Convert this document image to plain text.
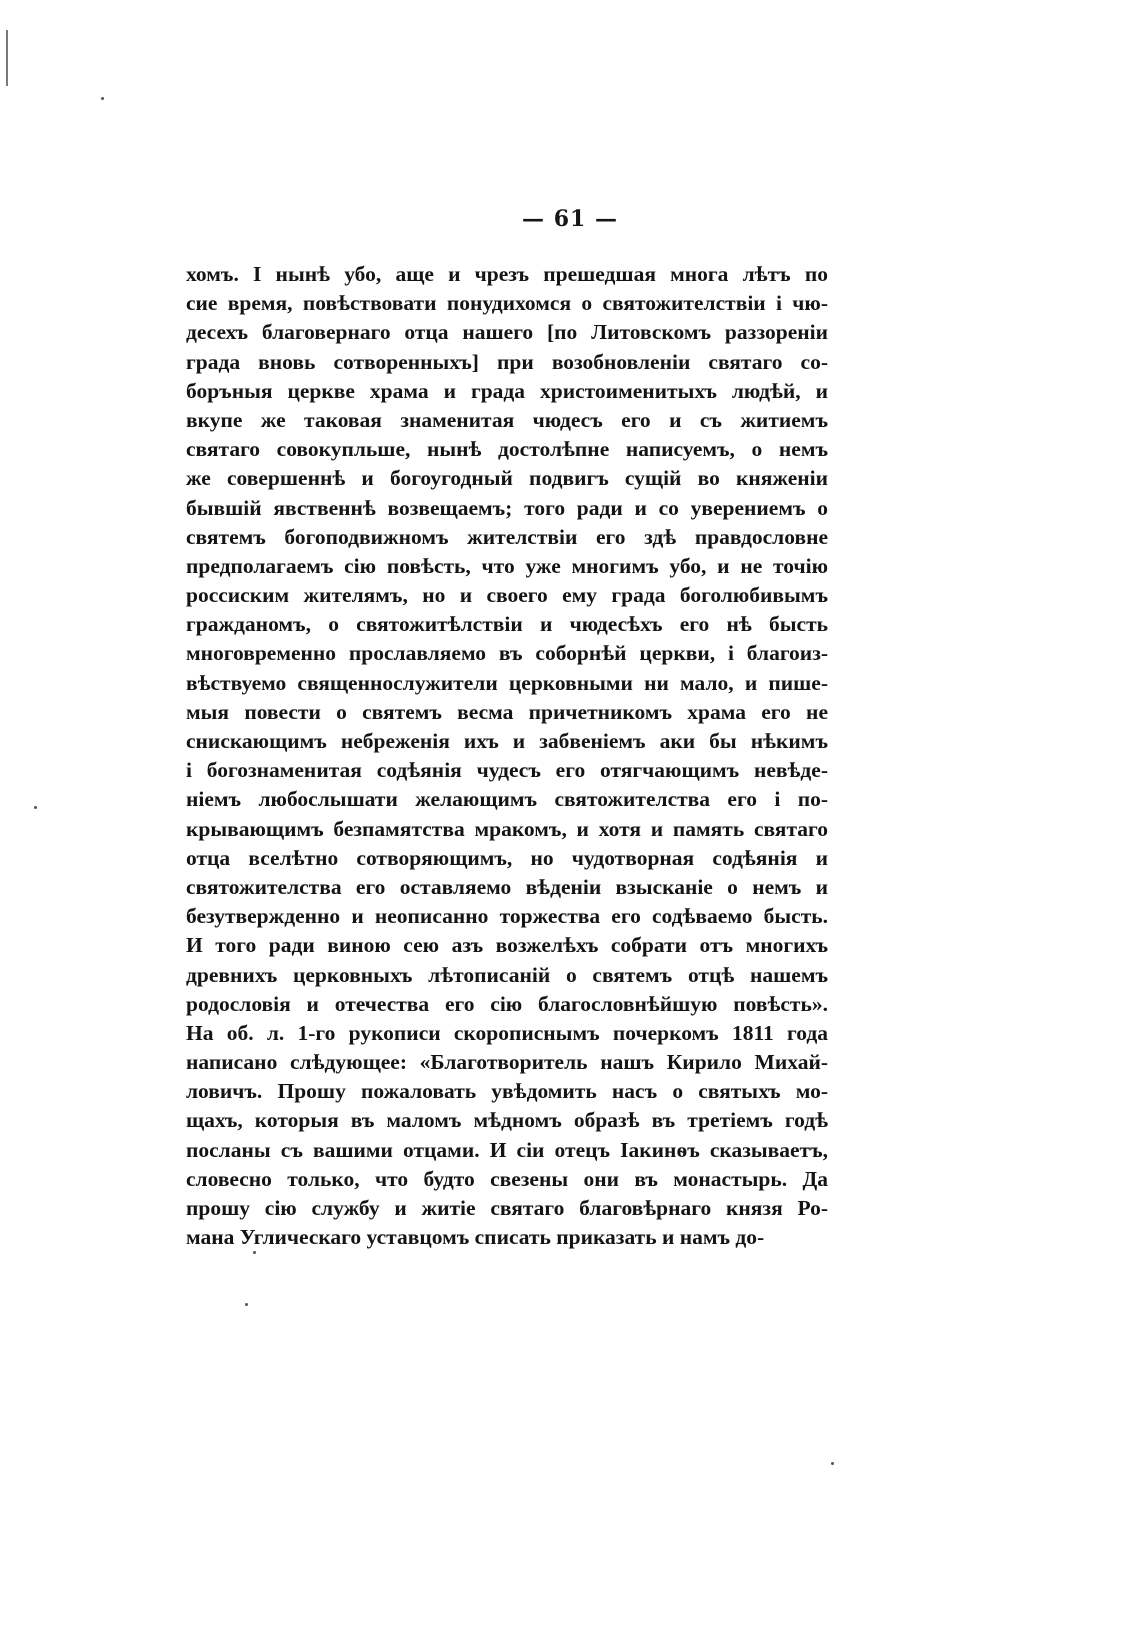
— 61 —
хомъ. I нынѣ убо, аще и чрезъ прешедшая многа лѣтъ по
сие время, повѣствовати понудихомся о святожителствiи i чю-
десехъ благовернаго отца нашего [по Литовскомъ раззоренiи
града вновь сотворенныхъ] при возобновленiи святаго со-
боръныя церкве храма и града христоименитыхъ людѣй, и
вкупе же таковая знаменитая чюдесъ его и съ житиемъ
святаго совокупльше, нынѣ достолѣпне написуемъ, о немъ
же совершеннѣ и богоугодный подвигъ сущiй во княженiи
бывшiй явственнѣ возвещаемъ; того ради и со уверениемъ о
святемъ богоподвижномъ жителствiи его здѣ правдословне
предполагаемъ сiю повѣсть, что уже многимъ убо, и не точiю
россиским жителямъ, но и своего ему града боголюбивымъ
гражданомъ, о святожитѣлствiи и чюдесѣхъ его нѣ бысть
многовременно прославляемо въ соборнѣй церкви, i благоиз-
вѣствуемо священнослужители церковными ни мало, и пише-
мыя повести о святемъ весма причетникомъ храма его не
снискающимъ небреженiя ихъ и забвенiемъ аки бы нѣкимъ
i богознаменитая содѣянiя чудесъ его отягчающимъ невѣде-
нiемъ любослышати желающимъ святожителства его i по-
крывающимъ безпамятства мракомъ, и хотя и память святаго
отца вселѣтно сотворяющимъ, но чудотворная содѣянiя и
святожителства его оставляемо вѣденiи взысканiе о немъ и
безутвержденно и неописанно торжества его содѣваемо бысть.
И того ради виною сею азъ возжелѣхъ собрати отъ многихъ
древнихъ церковныхъ лѣтописанiй о святемъ отцѣ нашемъ
родословiя и отечества его сiю благословнѣйшую повѣсть».
На об. л. 1-го рукописи скорописнымъ почеркомъ 1811 года
написано слѣдующее: «Благотворитель нашъ Кирило Михай-
ловичъ. Прошу пожаловать увѣдомить насъ о святыхъ мо-
щахъ, которыя въ маломъ мѣдномъ образѣ въ третiемъ годѣ
посланы съ вашими отцами. И сiи отецъ Iакинѳъ сказываетъ,
словесно только, что будто свезены они въ монастырь. Да
прошу сiю службу и житiе святаго благовѣрнаго князя Ро-
мана Углическаго уставцомъ списать приказать и намъ до-
